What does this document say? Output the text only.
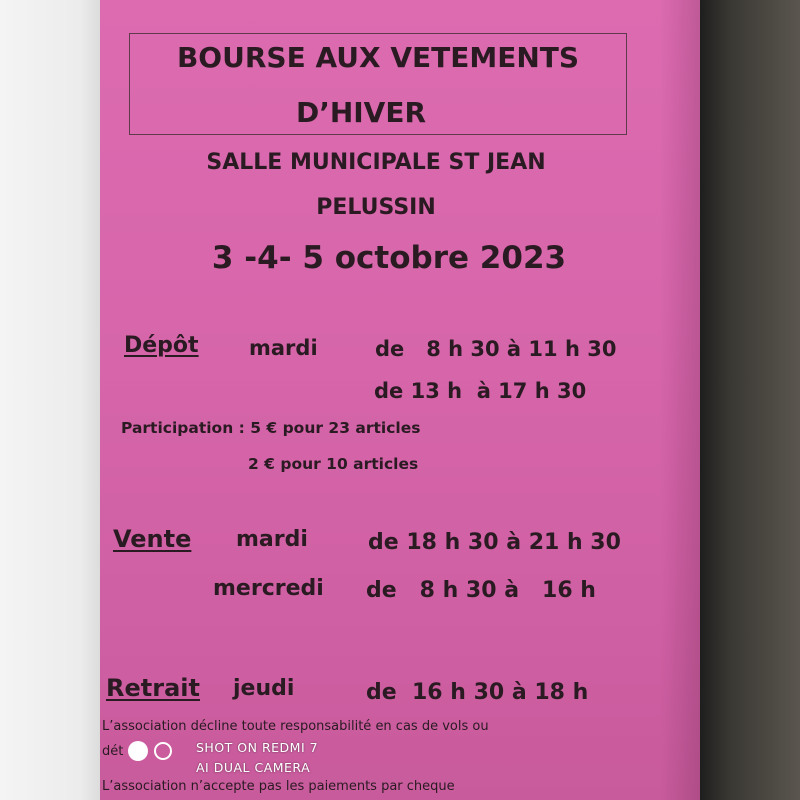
BOURSE AUX VETEMENTS
D’HIVER
SALLE MUNICIPALE ST JEAN
PELUSSIN
3 -4- 5 octobre 2023
Dépôt mardi	de   8 h 30 à 11 h 30
de 13 h  à 17 h 30
Participation : 5 € pour 23 articles
2 € pour 10 articles
Vente mardi	de 18 h 30 à 21 h 30
mercredi de   8 h 30 à   16 h
Retrait jeudi	de  16 h 30 à 18 h
L’association décline toute responsabilité en cas de vols ou
dét
L’association n’accepte pas les paiements par cheque
SHOT ON REDMI 7
AI DUAL CAMERA
